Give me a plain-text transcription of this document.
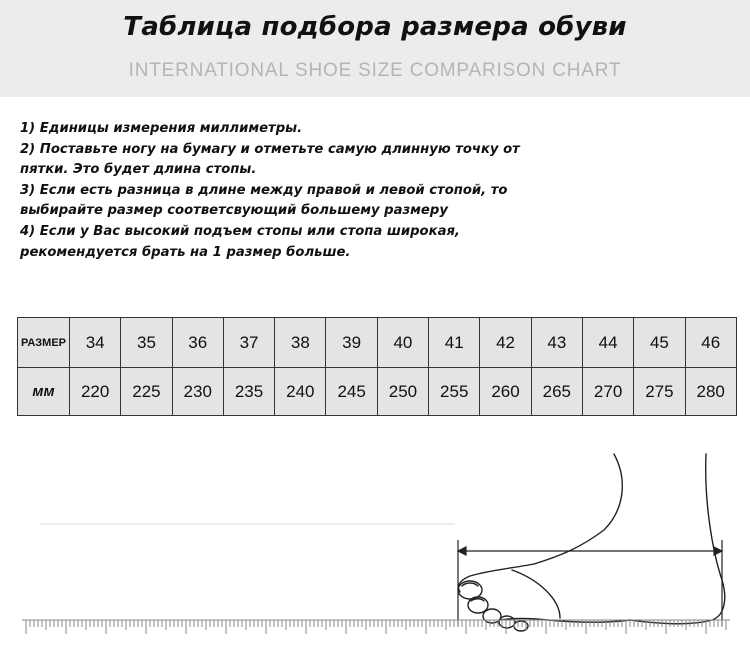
Таблица подбора размера обуви
INTERNATIONAL SHOE SIZE COMPARISON CHART
1) Единицы измерения миллиметры.
2) Поставьте ногу на бумагу и отметьте самую длинную точку от
пятки. Это будет длина стопы.
3) Если есть разница в длине между правой и левой стопой, то
выбирайте размер соответсвующий большему размеру
4) Если у Вас высокий подъем стопы или стопа широкая,
рекомендуется брать на 1 размер больше.
РАЗМЕР	34	35	36	37	38	39	40	41	42	43	44	45	46
мм	220	225	230	235	240	245	250	255	260	265	270	275	280
